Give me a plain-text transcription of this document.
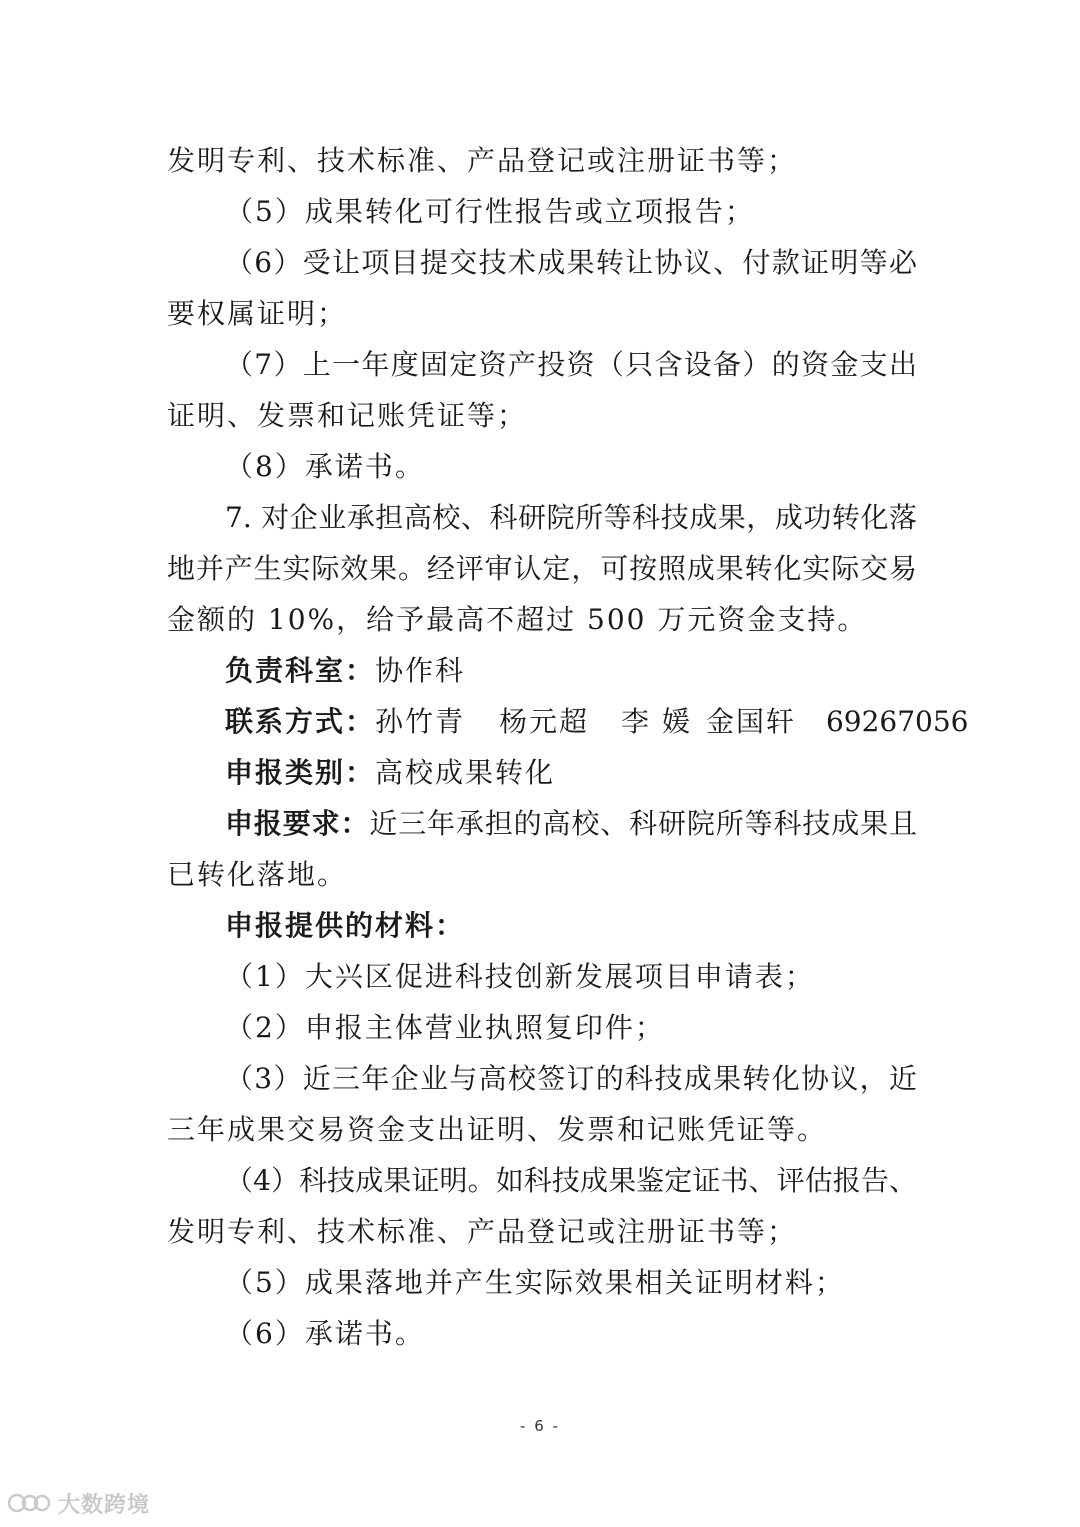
发明专利、技术标准、产品登记或注册证书等；
（5）成果转化可行性报告或立项报告；
（6）受让项目提交技术成果转让协议、付款证明等必
要权属证明；
（7）上一年度固定资产投资（只含设备）的资金支出
证明、发票和记账凭证等；
（8）承诺书。
7. 对企业承担高校、科研院所等科技成果，成功转化落
地并产生实际效果。经评审认定，可按照成果转化实际交易
金额的 10%，给予最高不超过 500 万元资金支持。
负责科室：协作科
联系方式：孙竹青 杨元超 李 媛 金国轩 69267056
申报类别：高校成果转化
申报要求：近三年承担的高校、科研院所等科技成果且
已转化落地。
申报提供的材料：
（1）大兴区促进科技创新发展项目申请表；
（2）申报主体营业执照复印件；
（3）近三年企业与高校签订的科技成果转化协议，近
三年成果交易资金支出证明、发票和记账凭证等。
（4）科技成果证明。如科技成果鉴定证书、评估报告、
发明专利、技术标准、产品登记或注册证书等；
（5）成果落地并产生实际效果相关证明材料；
（6）承诺书。
- 6 -
大数跨境
